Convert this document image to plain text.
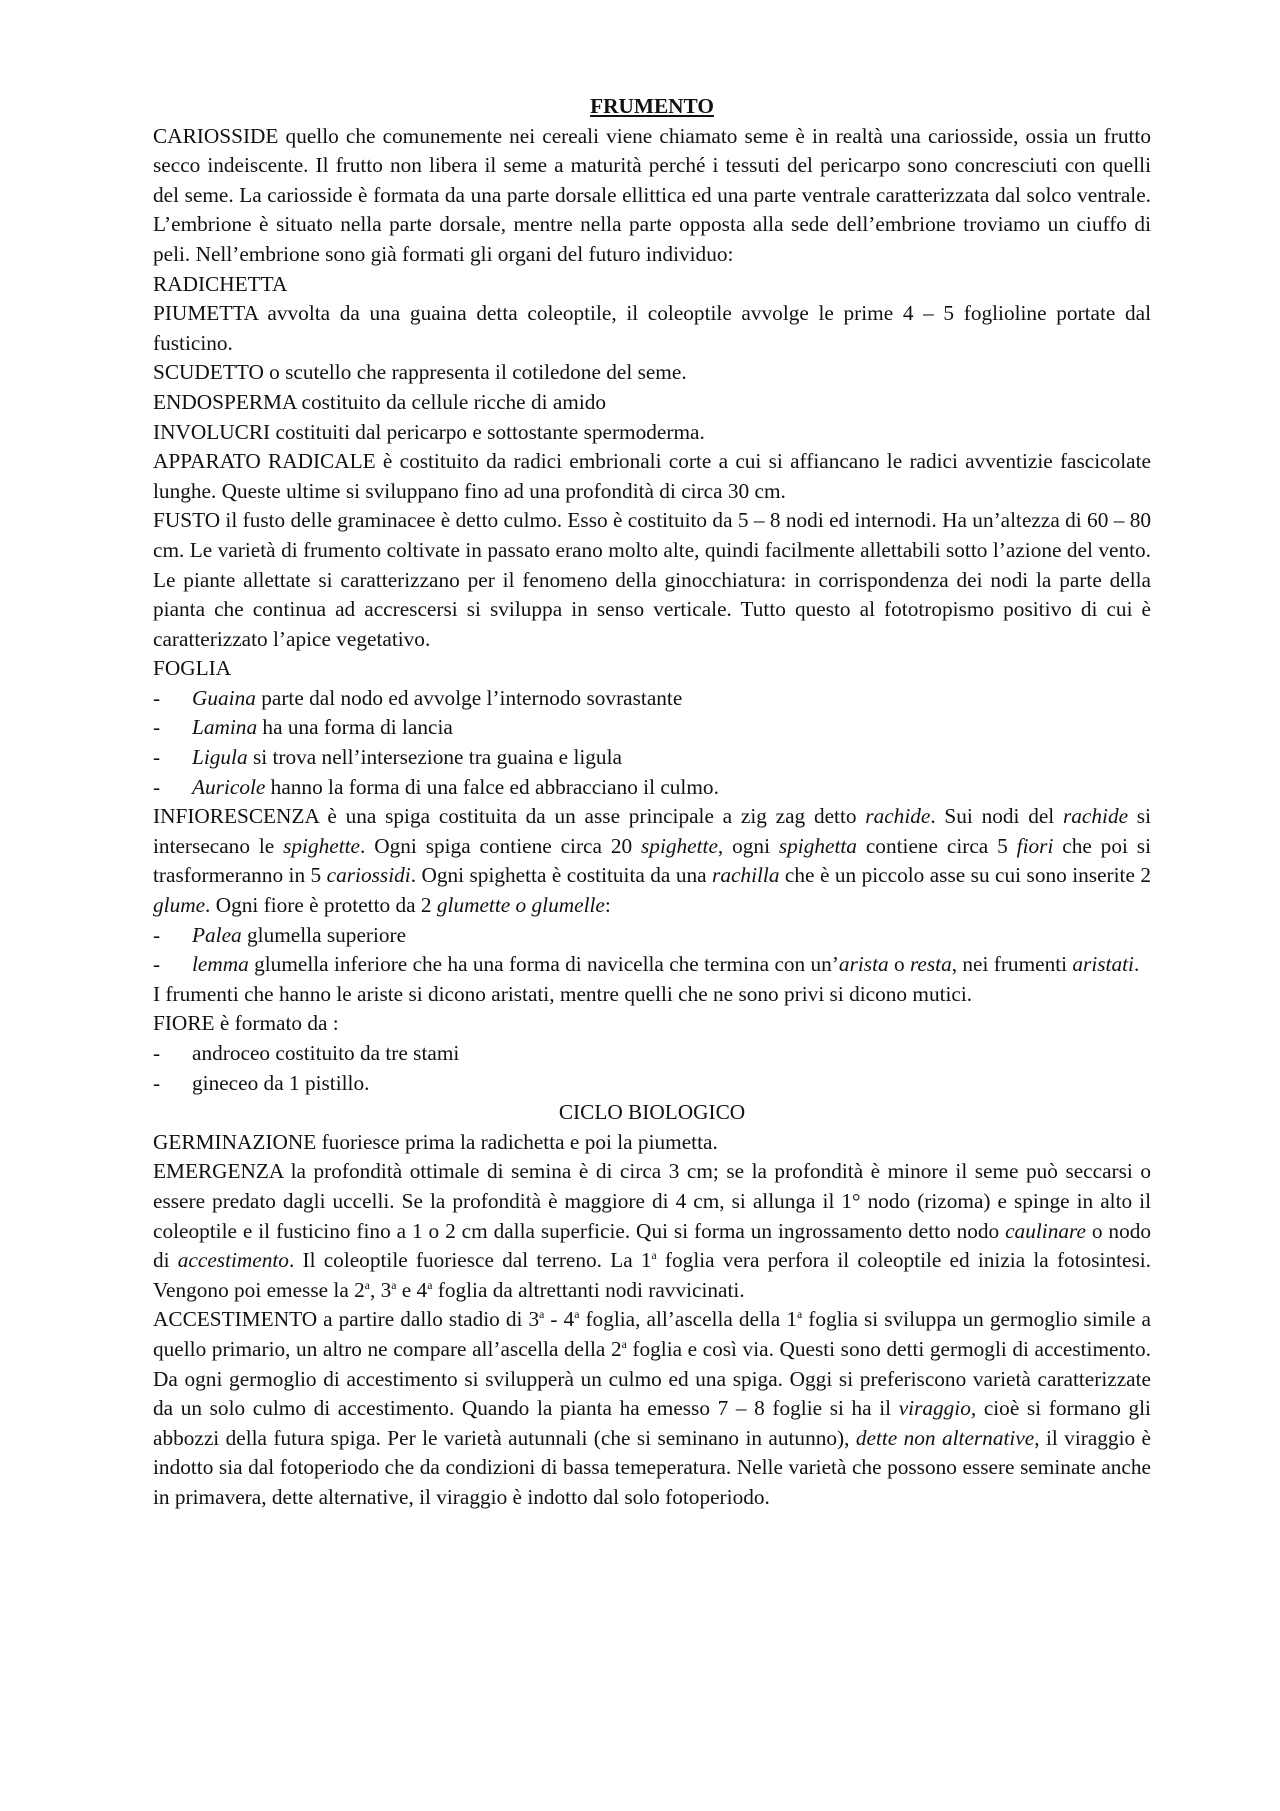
FRUMENTO

CARIOSSIDE quello che comunemente nei cereali viene chiamato seme è in realtà una cariosside, ossia un frutto secco indeiscente. Il frutto non libera il seme a maturità perché i tessuti del pericarpo sono concresciuti con quelli del seme. La cariosside è formata da una parte dorsale ellittica ed una parte ventrale caratterizzata dal solco ventrale. L’embrione è situato nella parte dorsale, mentre nella parte opposta alla sede dell’embrione troviamo un ciuffo di peli. Nell’embrione sono già formati gli organi del futuro individuo:

RADICHETTA

PIUMETTA avvolta da una guaina detta coleoptile, il coleoptile avvolge le prime 4 – 5 foglioline portate dal fusticino.

SCUDETTO o scutello che rappresenta il cotiledone del seme.

ENDOSPERMA costituito da cellule ricche di amido

INVOLUCRI costituiti dal pericarpo e sottostante spermoderma.

APPARATO RADICALE è costituito da radici embrionali corte a cui si affiancano le radici avventizie fascicolate lunghe. Queste ultime si sviluppano fino ad una profondità di circa 30 cm.

FUSTO il fusto delle graminacee è detto culmo. Esso è costituito da 5 – 8 nodi ed internodi. Ha un’altezza di 60 – 80 cm. Le varietà di frumento coltivate in passato erano molto alte, quindi facilmente allettabili sotto l’azione del vento. Le piante allettate si caratterizzano per il fenomeno della ginocchiatura: in corrispondenza dei nodi la parte della pianta che continua ad accrescersi si sviluppa in senso verticale. Tutto questo al fototropismo positivo di cui è caratterizzato l’apice vegetativo.

FOGLIA

-	Guaina parte dal nodo ed avvolge l’internodo sovrastante
-	Lamina ha una forma di lancia
-	Ligula si trova nell’intersezione tra guaina e ligula
-	Auricole hanno la forma di una falce ed abbracciano il culmo.

INFIORESCENZA è una spiga costituita da un asse principale a zig zag detto rachide. Sui nodi del rachide si intersecano le spighette. Ogni spiga contiene circa 20 spighette, ogni spighetta contiene circa 5 fiori che poi si trasformeranno in 5 cariossidi. Ogni spighetta è costituita da una rachilla che è un piccolo asse su cui sono inserite 2 glume. Ogni fiore è protetto da 2 glumette o glumelle:

-	Palea glumella superiore
-	lemma glumella inferiore che ha una forma di navicella che termina con un’arista o resta, nei frumenti aristati.

I frumenti che hanno le ariste si dicono aristati, mentre quelli che ne sono privi si dicono mutici.

FIORE è formato da :

-	androceo costituito da tre stami
-	gineceo da 1 pistillo.
CICLO BIOLOGICO

GERMINAZIONE fuoriesce prima la radichetta e poi la piumetta.

EMERGENZA la profondità ottimale di semina è di circa 3 cm; se la profondità è minore il seme può seccarsi o essere predato dagli uccelli. Se la profondità è maggiore di 4 cm, si allunga il 1° nodo (rizoma) e spinge in alto il coleoptile e il fusticino fino a 1 o 2 cm dalla superficie. Qui si forma un ingrossamento detto nodo caulinare o nodo di accestimento. Il coleoptile fuoriesce dal terreno. La 1$^a$ foglia vera perfora il coleoptile ed inizia la fotosintesi. Vengono poi emesse la 2$^a$, 3$^a$ e 4$^a$ foglia da altrettanti nodi ravvicinati.

ACCESTIMENTO a partire dallo stadio di 3$^a$ - 4$^a$ foglia, all’ascella della 1$^a$ foglia si sviluppa un germoglio simile a quello primario, un altro ne compare all’ascella della 2$^a$ foglia e così via. Questi sono detti germogli di accestimento. Da ogni germoglio di accestimento si svilupperà un culmo ed una spiga. Oggi si preferiscono varietà caratterizzate da un solo culmo di accestimento. Quando la pianta ha emesso 7 – 8 foglie si ha il viraggio, cioè si formano gli abbozzi della futura spiga. Per le varietà autunnali (che si seminano in autunno), dette non alternative, il viraggio è indotto sia dal fotoperiodo che da condizioni di bassa temeperatura. Nelle varietà che possono essere seminate anche in primavera, dette alternative, il viraggio è indotto dal solo fotoperiodo.
